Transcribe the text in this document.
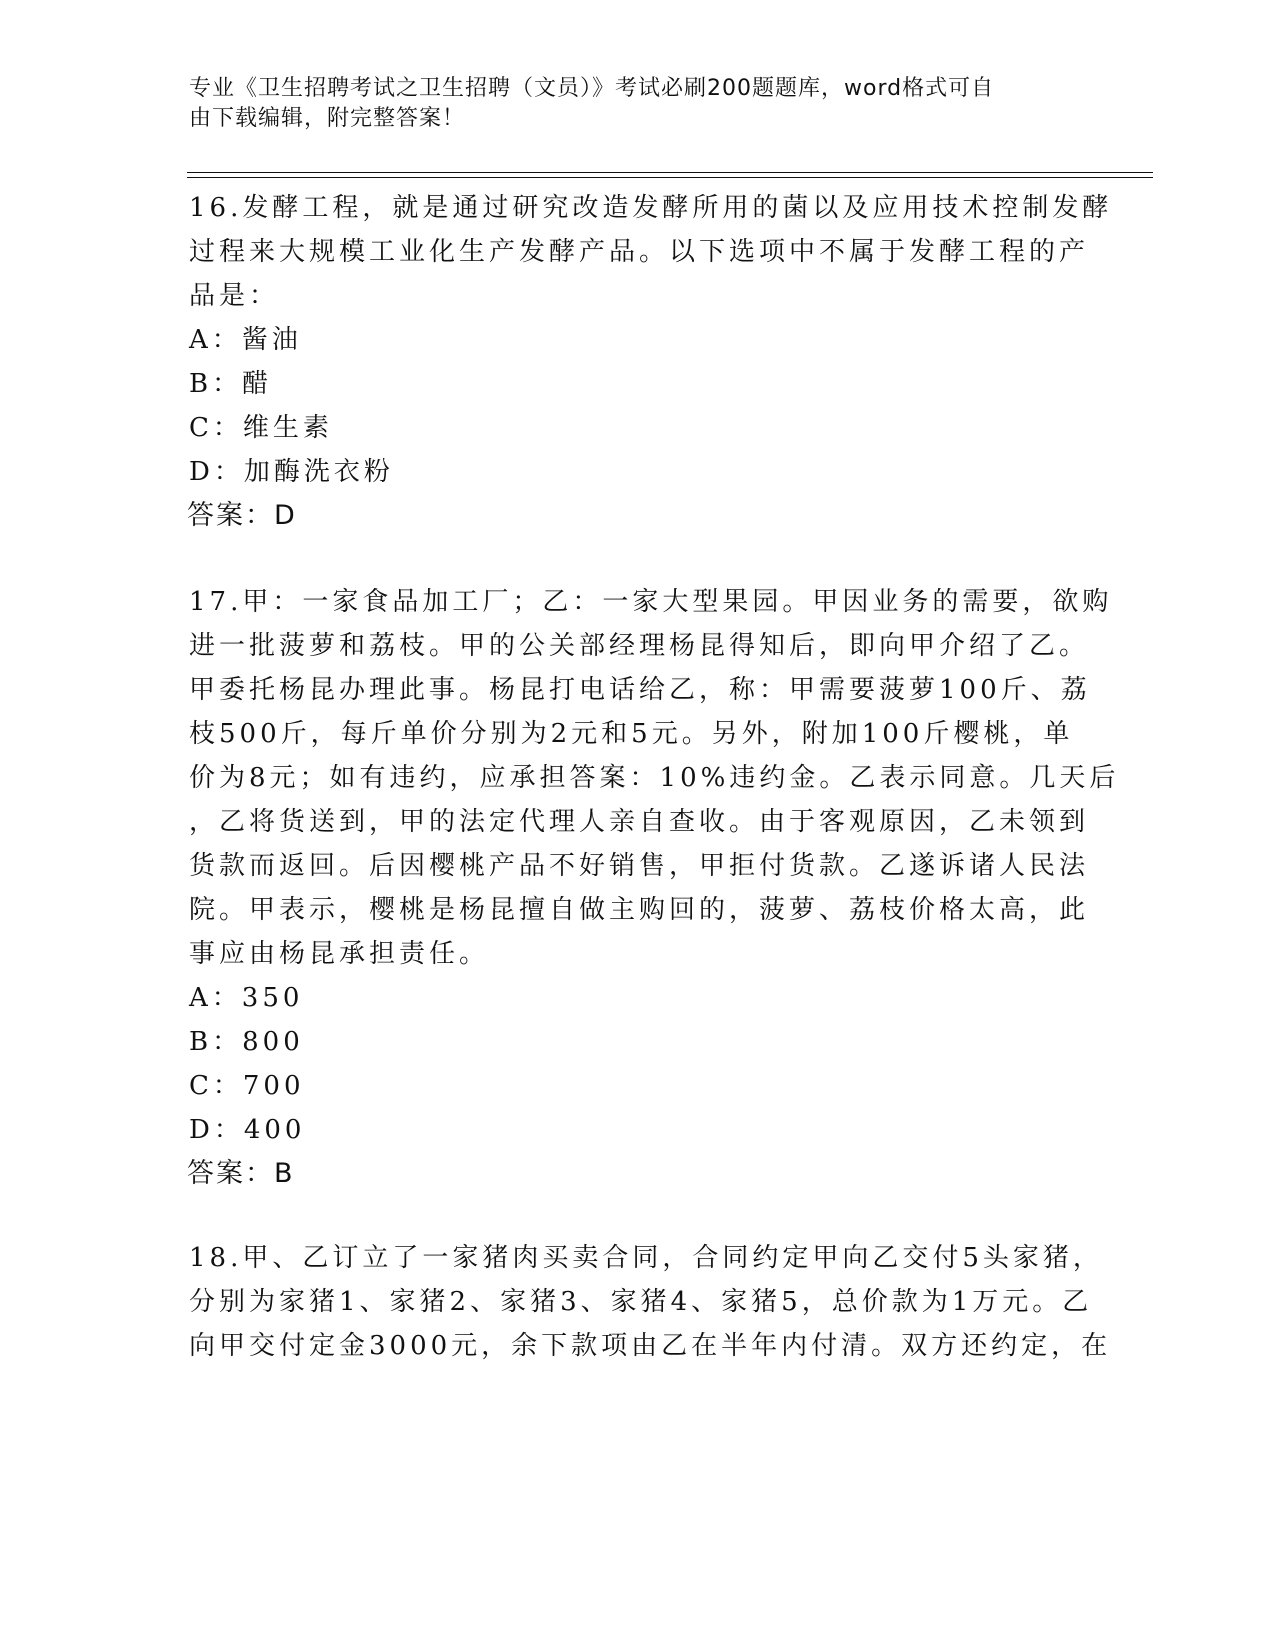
专业《卫生招聘考试之卫生招聘（文员）》考试必刷200题题库，word格式可自
由下载编辑，附完整答案！
16.发酵工程，就是通过研究改造发酵所用的菌以及应用技术控制发酵
过程来大规模工业化生产发酵产品。以下选项中不属于发酵工程的产
品是：
A：酱油
B：醋
C：维生素
D：加酶洗衣粉
答案：D
17.甲：一家食品加工厂；乙：一家大型果园。甲因业务的需要，欲购
进一批菠萝和荔枝。甲的公关部经理杨昆得知后，即向甲介绍了乙。
甲委托杨昆办理此事。杨昆打电话给乙，称：甲需要菠萝100斤、荔
枝500斤，每斤单价分别为2元和5元。另外，附加100斤樱桃，单
价为8元；如有违约，应承担答案：10%违约金。乙表示同意。几天后
，乙将货送到，甲的法定代理人亲自查收。由于客观原因，乙未领到
货款而返回。后因樱桃产品不好销售，甲拒付货款。乙遂诉诸人民法
院。甲表示，樱桃是杨昆擅自做主购回的，菠萝、荔枝价格太高，此
事应由杨昆承担责任。
A：350
B：800
C：700
D：400
答案：B
18.甲、乙订立了一家猪肉买卖合同，合同约定甲向乙交付5头家猪，
分别为家猪1、家猪2、家猪3、家猪4、家猪5，总价款为1万元。乙
向甲交付定金3000元，余下款项由乙在半年内付清。双方还约定，在
